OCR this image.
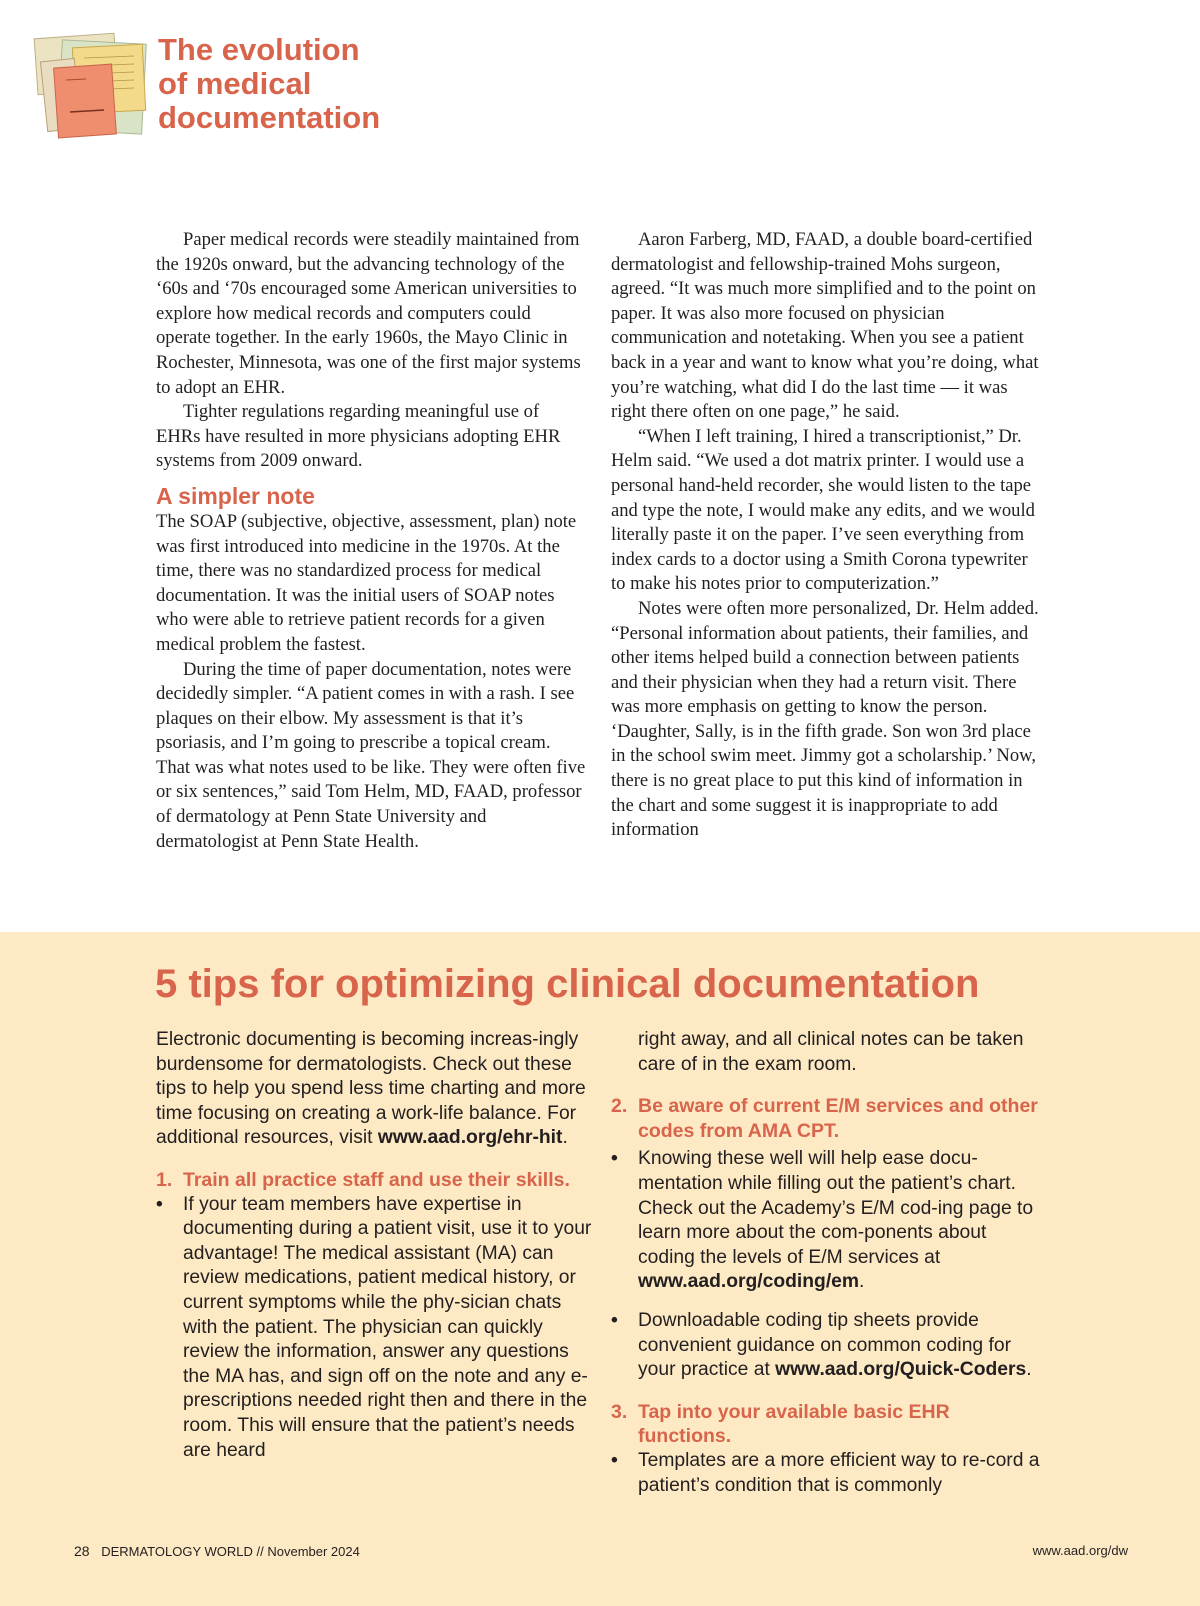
The evolution
of medical
documentation

Paper medical records were steadily maintained from the 1920s onward, but the advancing technology of the ‘60s and ‘70s encouraged some American universities to explore how medical records and computers could operate together. In the early 1960s, the Mayo Clinic in Rochester, Minnesota, was one of the first major systems to adopt an EHR.

Tighter regulations regarding meaningful use of EHRs have resulted in more physicians adopting EHR systems from 2009 onward.

A simpler note

The SOAP (subjective, objective, assessment, plan) note was first introduced into medicine in the 1970s. At the time, there was no standardized process for medical documentation. It was the initial users of SOAP notes who were able to retrieve patient records for a given medical problem the fastest.

During the time of paper documentation, notes were decidedly simpler. “A patient comes in with a rash. I see plaques on their elbow. My assessment is that it’s psoriasis, and I’m going to prescribe a topical cream. That was what notes used to be like. They were often five or six sentences,” said Tom Helm, MD, FAAD, professor of dermatology at Penn State University and dermatologist at Penn State Health.

Aaron Farberg, MD, FAAD, a double board-certified dermatologist and fellowship-trained Mohs surgeon, agreed. “It was much more simplified and to the point on paper. It was also more focused on physician communication and notetaking. When you see a patient back in a year and want to know what you’re doing, what you’re watching, what did I do the last time — it was right there often on one page,” he said.

“When I left training, I hired a transcriptionist,” Dr. Helm said. “We used a dot matrix printer. I would use a personal hand-held recorder, she would listen to the tape and type the note, I would make any edits, and we would literally paste it on the paper. I’ve seen everything from index cards to a doctor using a Smith Corona typewriter to make his notes prior to computerization.”

Notes were often more personalized, Dr. Helm added. “Personal information about patients, their families, and other items helped build a connection between patients and their physician when they had a return visit. There was more emphasis on getting to know the person. ‘Daughter, Sally, is in the fifth grade. Son won 3rd place in the school swim meet. Jimmy got a scholarship.’ Now, there is no great place to put this kind of information in the chart and some suggest it is inappropriate to add information

5 tips for optimizing clinical documentation

Electronic documenting is becoming increas-ingly burdensome for dermatologists. Check out these tips to help you spend less time charting and more time focusing on creating a work-life balance. For additional resources, visit www.aad.org/ehr-hit.

1. Train all practice staff and use their skills.
•	If your team members have expertise in documenting during a patient visit, use it to your advantage! The medical assistant (MA) can review medications, patient medical history, or current symptoms while the phy-sician chats with the patient. The physician can quickly review the information, answer any questions the MA has, and sign off on the note and any e-prescriptions needed right then and there in the room. This will ensure that the patient’s needs are heard

right away, and all clinical notes can be taken care of in the exam room.

2. Be aware of current E/M services and other codes from AMA CPT.
•	Knowing these well will help ease docu-mentation while filling out the patient’s chart. Check out the Academy’s E/M cod-ing page to learn more about the com-ponents about coding the levels of E/M services at www.aad.org/coding/em.
•	Downloadable coding tip sheets provide convenient guidance on common coding for your practice at www.aad.org/Quick-Coders.
3. Tap into your available basic EHR functions.
•	Templates are a more efficient way to re-cord a patient’s condition that is commonly
28 DERMATOLOGY WORLD // November 2024	www.aad.org/dw
